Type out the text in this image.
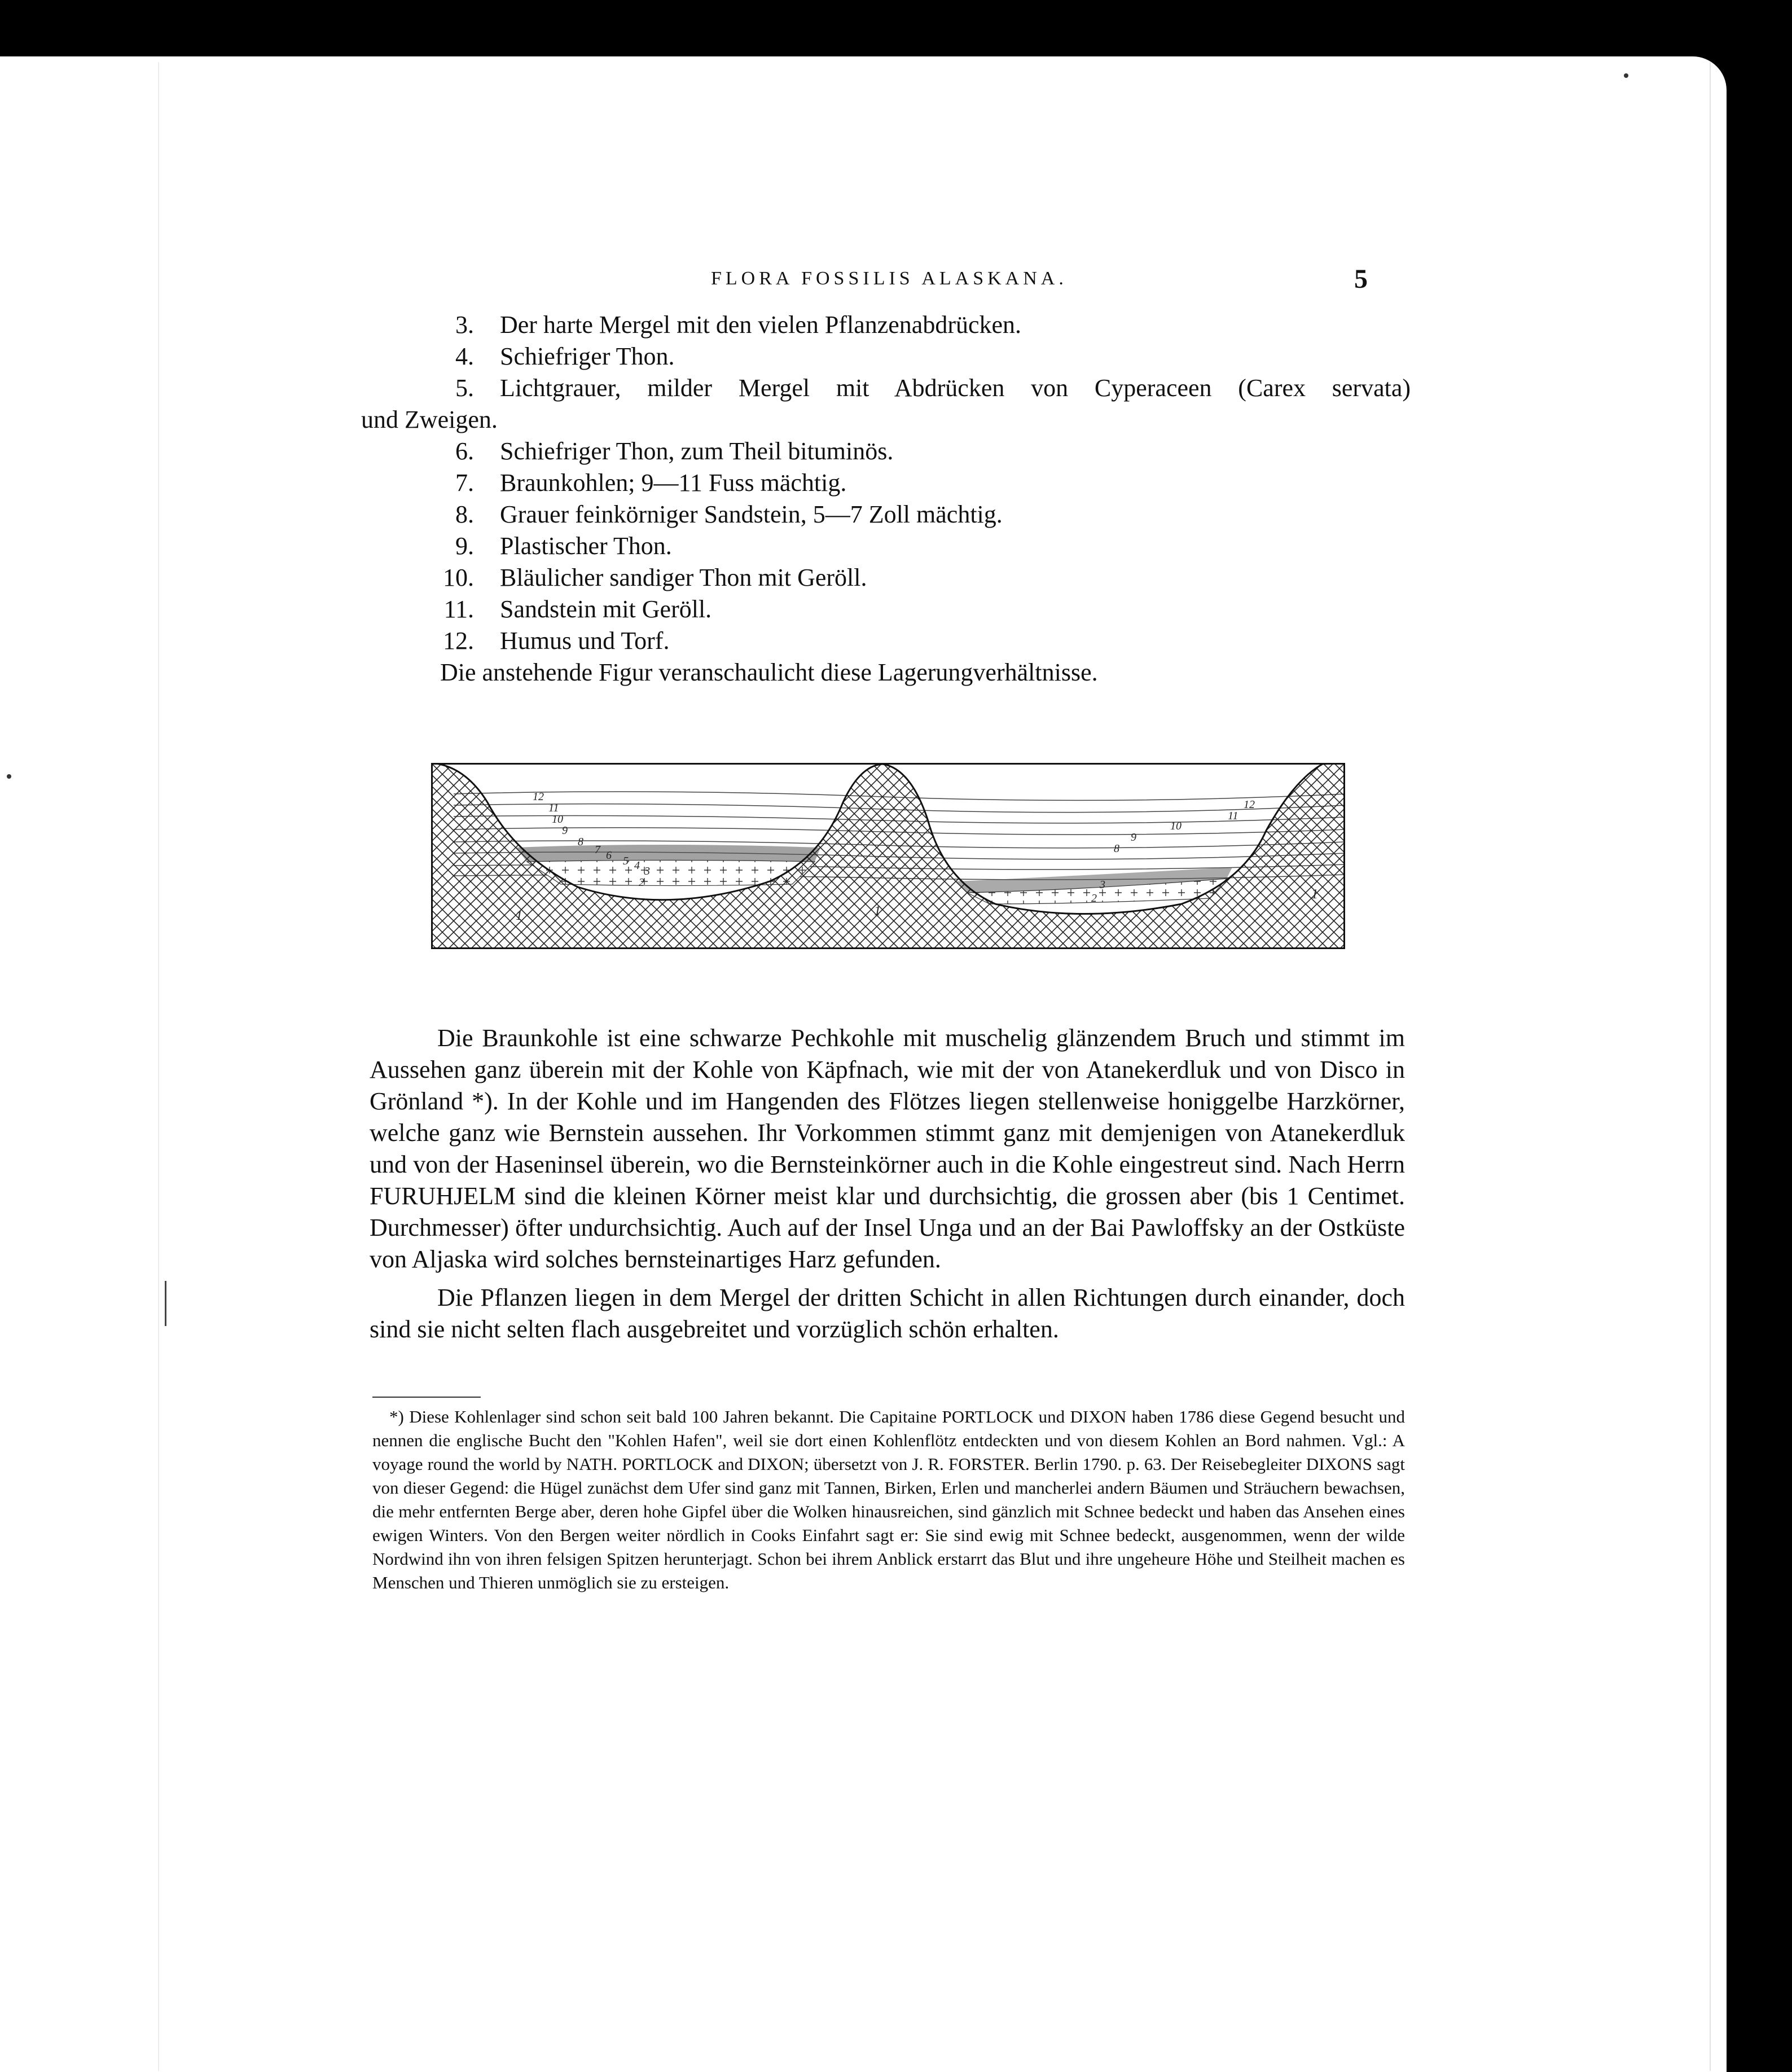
FLORA FOSSILIS ALASKANA.	5
3. Der harte Mergel mit den vielen Pflanzenabdrücken.
4. Schiefriger Thon.
5. Lichtgrauer, milder Mergel mit Abdrücken von Cyperaceen (Carex servata)
und Zweigen.
6. Schiefriger Thon, zum Theil bituminös.
7. Braunkohlen; 9—11 Fuss mächtig.
8. Grauer feinkörniger Sandstein, 5—7 Zoll mächtig.
9. Plastischer Thon.
10. Bläulicher sandiger Thon mit Geröll.
11. Sandstein mit Geröll.
12. Humus und Torf.
Die anstehende Figur veranschaulicht diese Lagerungverhältnisse.
12
11
10
9
8
7 6 5 4 3
2
1	1
1
12
11
10
9
8
2
3

Die Braunkohle ist eine schwarze Pechkohle mit muschelig glänzendem Bruch und stimmt im Aussehen ganz überein mit der Kohle von Käpfnach, wie mit der von Atanekerdluk und von Disco in Grönland *). In der Kohle und im Hangenden des Flötzes liegen stellenweise honiggelbe Harzkörner, welche ganz wie Bernstein aussehen. Ihr Vorkommen stimmt ganz mit demjenigen von Atanekerdluk und von der Haseninsel überein, wo die Bernsteinkörner auch in die Kohle eingestreut sind. Nach Herrn FURUHJELM sind die kleinen Körner meist klar und durchsichtig, die grossen aber (bis 1 Centimet. Durchmesser) öfter undurchsichtig. Auch auf der Insel Unga und an der Bai Pawloffsky an der Ostküste von Aljaska wird solches bernsteinartiges Harz gefunden.

Die Pflanzen liegen in dem Mergel der dritten Schicht in allen Richtungen durch einander, doch sind sie nicht selten flach ausgebreitet und vorzüglich schön erhalten.

*) Diese Kohlenlager sind schon seit bald 100 Jahren bekannt. Die Capitaine PORTLOCK und DIXON haben 1786 diese Gegend besucht und nennen die englische Bucht den "Kohlen Hafen", weil sie dort einen Kohlenflötz entdeckten und von diesem Kohlen an Bord nahmen. Vgl.: A voyage round the world by NATH. PORTLOCK and DIXON; übersetzt von J. R. FORSTER. Berlin 1790. p. 63. Der Reisebegleiter DIXONS sagt von dieser Gegend: die Hügel zunächst dem Ufer sind ganz mit Tannen, Birken, Erlen und mancherlei andern Bäumen und Sträuchern bewachsen, die mehr entfernten Berge aber, deren hohe Gipfel über die Wolken hinausreichen, sind gänzlich mit Schnee bedeckt und haben das Ansehen eines ewigen Winters. Von den Bergen weiter nördlich in Cooks Einfahrt sagt er: Sie sind ewig mit Schnee bedeckt, ausgenommen, wenn der wilde Nordwind ihn von ihren felsigen Spitzen herunterjagt. Schon bei ihrem Anblick erstarrt das Blut und ihre ungeheure Höhe und Steilheit machen es Menschen und Thieren unmöglich sie zu ersteigen.
